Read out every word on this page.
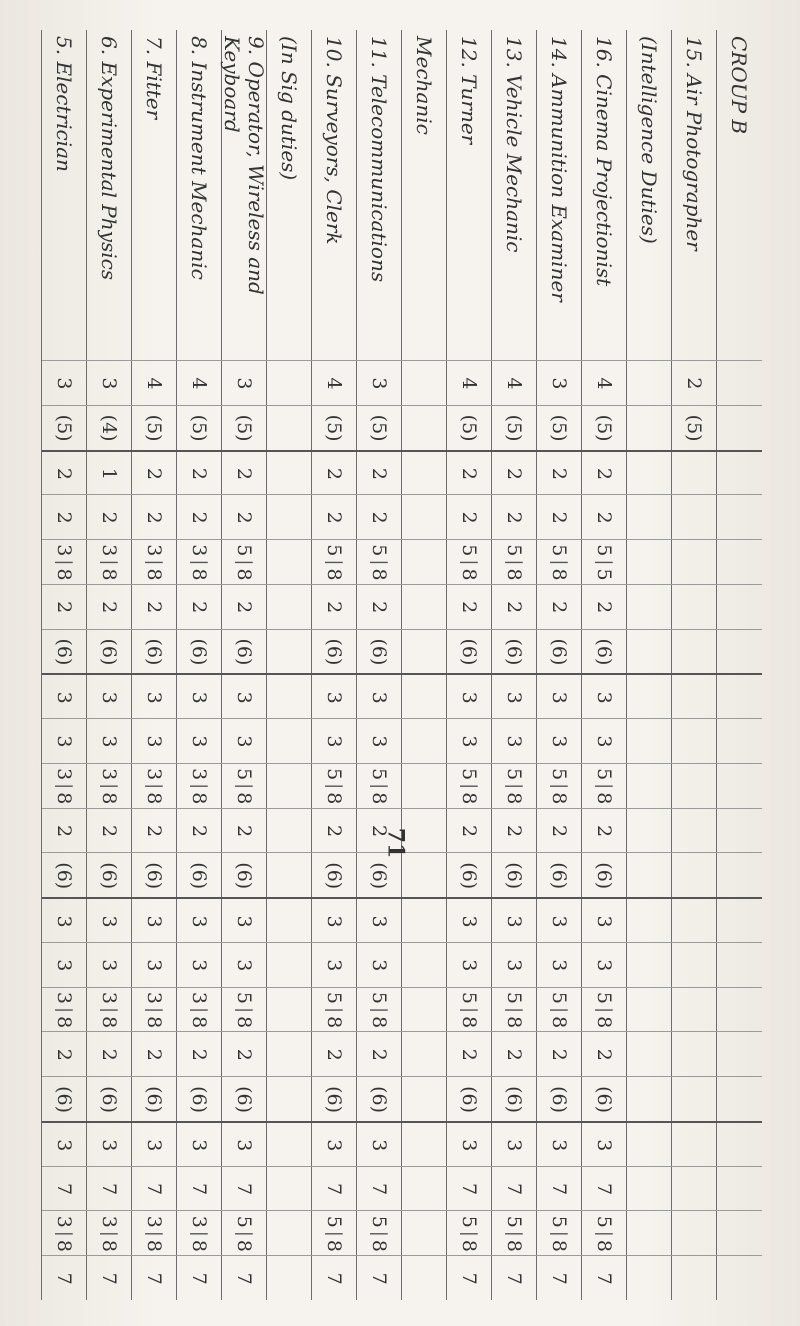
CROUP B
15. Air Photographer
2
(5)
(Intelligence Duties)
16. Cinema Projectionist
4
(5)
2
2
5
|
5
2
(6)
3
3
5
|
8
2
(6)
3
3
5
|
8
2
(6)
3
7
5
|
8
7
14. Ammunition Examiner
3
(5)
2
2
5
|
8
2
(6)
3
3
5
|
8
2
(6)
3
3
5
|
8
2
(6)
3
7
5
|
8
7
13. Vehicle Mechanic
4
(5)
2
2
5
|
8
2
(6)
3
3
5
|
8
2
(6)
3
3
5
|
8
2
(6)
3
7
5
|
8
7
12. Turner
4
(5)
2
2
5
|
8
2
(6)
3
3
5
|
8
2
(6)
3
3
5
|
8
2
(6)
3
7
5
|
8
7
Mechanic
11. Telecommunications
3
(5)
2
2
5
|
8
2
(6)
3
3
5
|
8
2
(6)
3
3
5
|
8
2
(6)
3
7
5
|
8
7
10. Surveyors, Clerk
4
(5)
2
2
5
|
8
2
(6)
3
3
5
|
8
2
(6)
3
3
5
|
8
2
(6)
3
7
5
|
8
7
(In Sig duties)
9. Operator, Wireless and Keyboard
3
(5)
2
2
5
|
8
2
(6)
3
3
5
|
8
2
(6)
3
3
5
|
8
2
(6)
3
7
5
|
8
7
8. Instrument Mechanic
4
(5)
2
2
3
|
8
2
(6)
3
3
3
|
8
2
(6)
3
3
3
|
8
2
(6)
3
7
3
|
8
7
7. Fitter
4
(5)
2
2
3
|
8
2
(6)
3
3
3
|
8
2
(6)
3
3
3
|
8
2
(6)
3
7
3
|
8
7
6. Experimental Physics
3
(4)
1
2
3
|
8
2
(6)
3
3
3
|
8
2
(6)
3
3
3
|
8
2
(6)
3
7
3
|
8
7
5. Electrician
3
(5)
2
2
3
|
8
2
(6)
3
3
3
|
8
2
(6)
3
3
3
|
8
2
(6)
3
7
3
|
8
7
71
